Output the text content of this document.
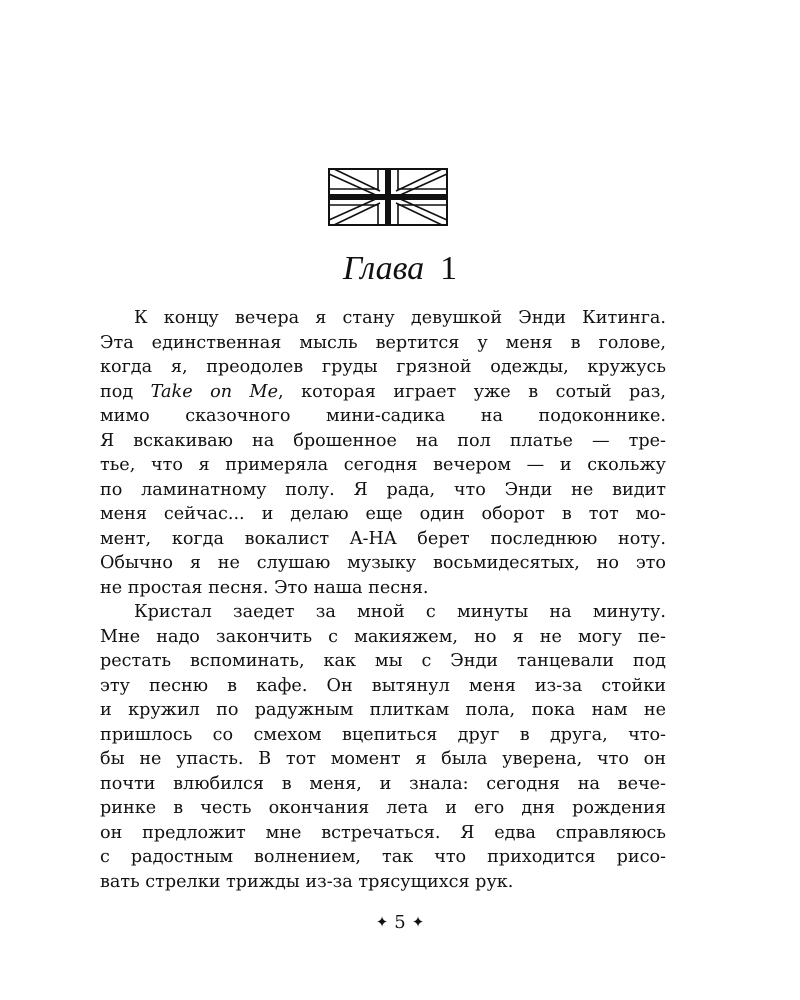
Глава 1
К концу вечера я стану девушкой Энди Китинга.
Эта единственная мысль вертится у меня в голове,
когда я, преодолев груды грязной одежды, кружусь
под Take on Me, которая играет уже в сотый раз,
мимо сказочного мини-садика на подоконнике.
Я вскакиваю на брошенное на пол платье — тре-
тье, что я примеряла сегодня вечером — и скольжу
по ламинатному полу. Я рада, что Энди не видит
меня сейчас... и делаю еще один оборот в тот мо-
мент, когда вокалист A-HA берет последнюю ноту.
Обычно я не слушаю музыку восьмидесятых, но это
не простая песня. Это наша песня.
Кристал заедет за мной с минуты на минуту.
Мне надо закончить с макияжем, но я не могу пе-
рестать вспоминать, как мы с Энди танцевали под
эту песню в кафе. Он вытянул меня из-за стойки
и кружил по радужным плиткам пола, пока нам не
пришлось со смехом вцепиться друг в друга, что-
бы не упасть. В тот момент я была уверена, что он
почти влюбился в меня, и знала: сегодня на вече-
ринке в честь окончания лета и его дня рождения
он предложит мне встречаться. Я едва справляюсь
с радостным волнением, так что приходится рисо-
вать стрелки трижды из-за трясущихся рук.
✦ 5 ✦
